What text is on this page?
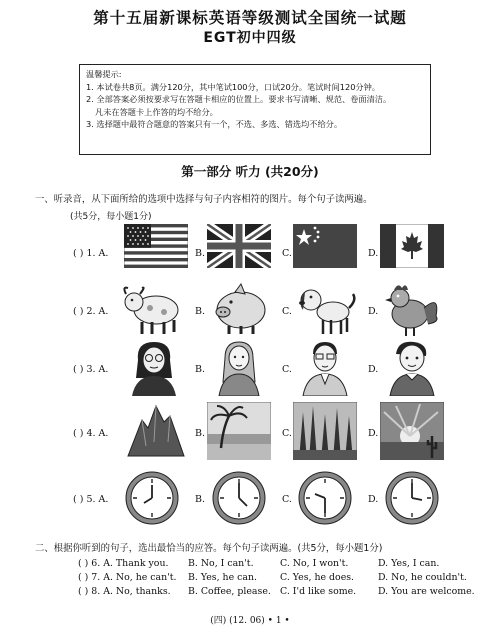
第十五届新课标英语等级测试全国统一试题
EGT初中四级
温馨提示:
1. 本试卷共8页。满分120分，其中笔试100分，口试20分。笔试时间120分钟。
2. 全部答案必须按要求写在答题卡相应的位置上。要求书写清晰、规范、卷面清洁。
凡未在答题卡上作答的均不给分。
3. 选择题中最符合题意的答案只有一个，不选、多选、错选均不给分。
第一部分 听力 (共20分)
一、听录音，从下面所给的选项中选择与句子内容相符的图片。每个句子读两遍。
(共5分，每小题1分)
( ) 1. A.	B.	C.	D.
( ) 2. A.	B.	C.	D.
( ) 3. A.	B.	C.	D.
( ) 4. A.	B.	C.	D.
( ) 5. A.	B.	C.	D.
二、根据你听到的句子，选出最恰当的应答。每个句子读两遍。(共5分，每小题1分)
( ) 6. A. Thank you. B. No, I can't.	C. No, I won't.	D. Yes, I can.
( ) 7. A. No, he can't. B. Yes, he can. C. Yes, he does.	D. No, he couldn't.
( ) 8. A. No, thanks. B. Coffee, please. C. I'd like some. D. You are welcome.
(四) (12. 06) • 1 •
